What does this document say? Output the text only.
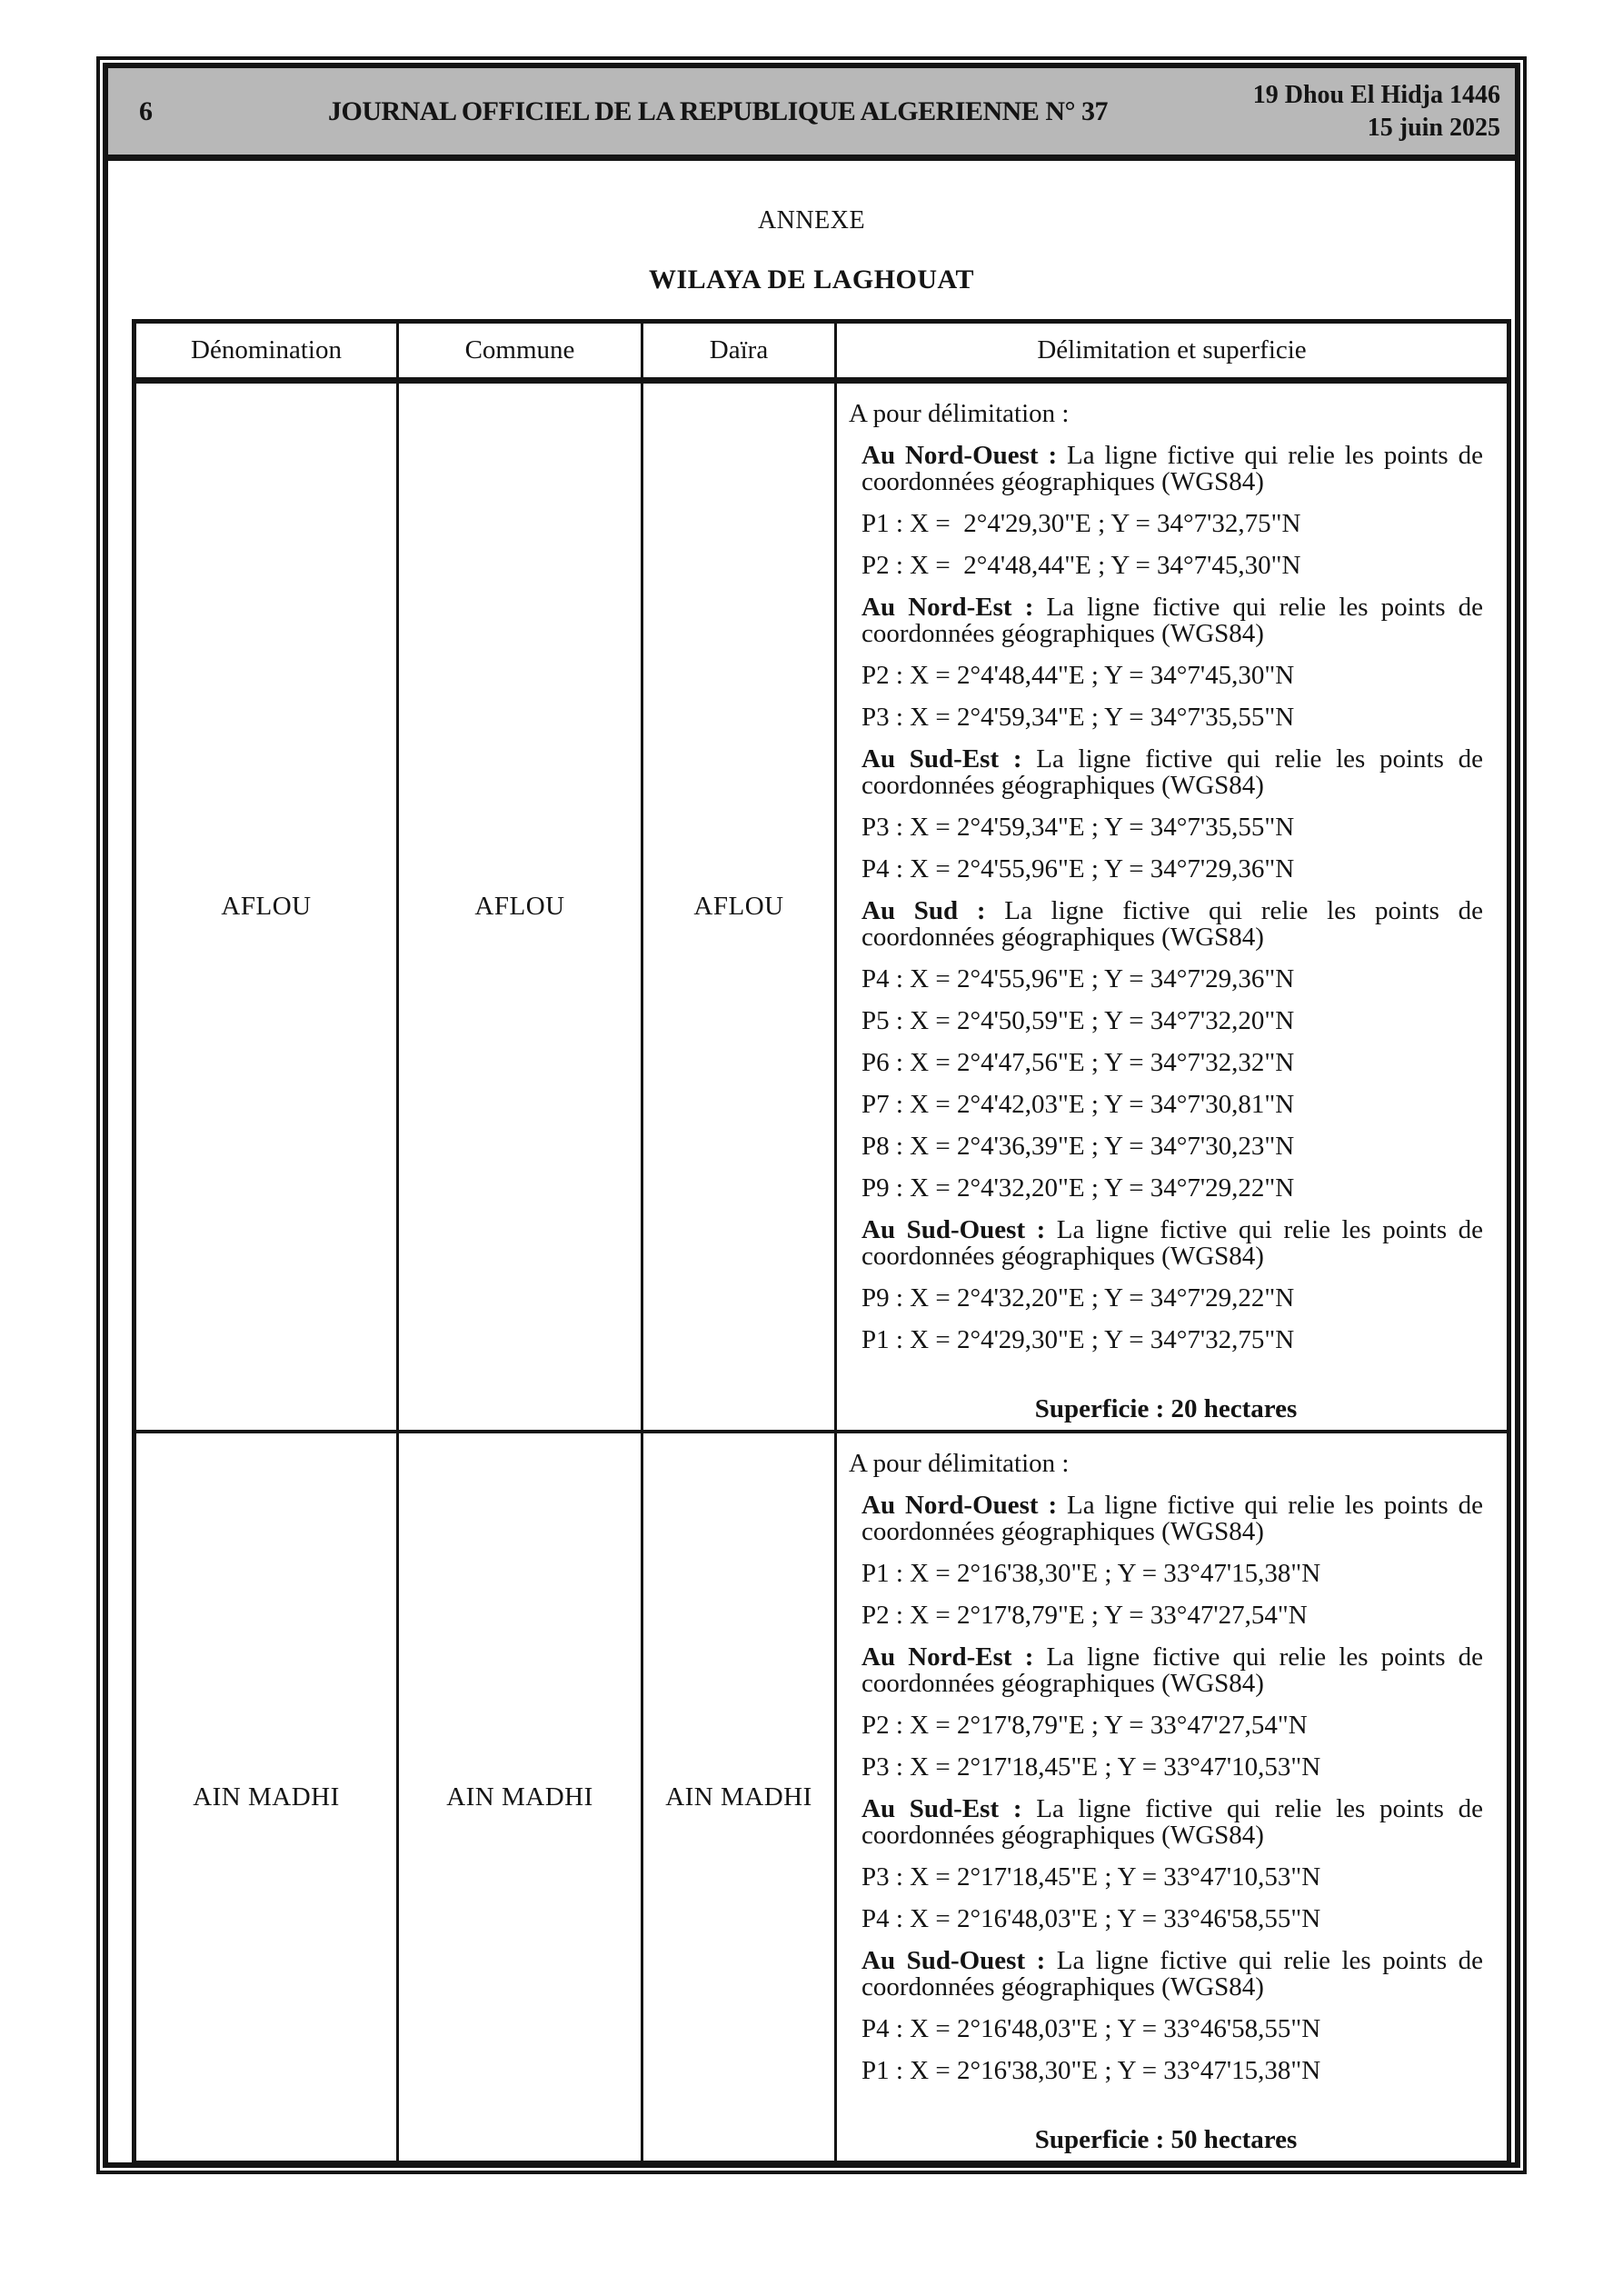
6	JOURNAL OFFICIEL DE LA REPUBLIQUE ALGERIENNE N° 37
19 Dhou El Hidja 1446
15 juin 2025
ANNEXE
WILAYA DE LAGHOUAT
Dénomination	Commune	Daïra	Délimitation et superficie
AFLOU	AFLOU	AFLOU

A pour délimitation :

Au Nord-Ouest : La ligne fictive qui relie les points de coordonnées géographiques (WGS84)

P1 : X =  2°4'29,30"E ; Y = 34°7'32,75"N

P2 : X =  2°4'48,44"E ; Y = 34°7'45,30"N

Au Nord-Est : La ligne fictive qui relie les points de coordonnées géographiques (WGS84)

P2 : X = 2°4'48,44"E ; Y = 34°7'45,30"N

P3 : X = 2°4'59,34"E ; Y = 34°7'35,55"N

Au Sud-Est : La ligne fictive qui relie les points de coordonnées géographiques (WGS84)

P3 : X = 2°4'59,34"E ; Y = 34°7'35,55"N

P4 : X = 2°4'55,96"E ; Y = 34°7'29,36"N

Au Sud : La ligne fictive qui relie les points de coordonnées géographiques (WGS84)

P4 : X = 2°4'55,96"E ; Y = 34°7'29,36"N

P5 : X = 2°4'50,59"E ; Y = 34°7'32,20"N

P6 : X = 2°4'47,56"E ; Y = 34°7'32,32"N

P7 : X = 2°4'42,03"E ; Y = 34°7'30,81"N

P8 : X = 2°4'36,39"E ; Y = 34°7'30,23"N

P9 : X = 2°4'32,20"E ; Y = 34°7'29,22"N

Au Sud-Ouest : La ligne fictive qui relie les points de coordonnées géographiques (WGS84)

P9 : X = 2°4'32,20"E ; Y = 34°7'29,22"N

P1 : X = 2°4'29,30"E ; Y = 34°7'32,75"N

Superficie : 20 hectares

AIN MADHI	AIN MADHI	AIN MADHI

A pour délimitation :

Au Nord-Ouest : La ligne fictive qui relie les points de coordonnées géographiques (WGS84)

P1 : X = 2°16'38,30"E ; Y = 33°47'15,38"N

P2 : X = 2°17'8,79"E ; Y = 33°47'27,54"N

Au Nord-Est : La ligne fictive qui relie les points de coordonnées géographiques (WGS84)

P2 : X = 2°17'8,79"E ; Y = 33°47'27,54"N

P3 : X = 2°17'18,45"E ; Y = 33°47'10,53"N

Au Sud-Est : La ligne fictive qui relie les points de coordonnées géographiques (WGS84)

P3 : X = 2°17'18,45"E ; Y = 33°47'10,53"N

P4 : X = 2°16'48,03"E ; Y = 33°46'58,55"N

Au Sud-Ouest : La ligne fictive qui relie les points de coordonnées géographiques (WGS84)

P4 : X = 2°16'48,03"E ; Y = 33°46'58,55"N

P1 : X = 2°16'38,30"E ; Y = 33°47'15,38"N

Superficie : 50 hectares
